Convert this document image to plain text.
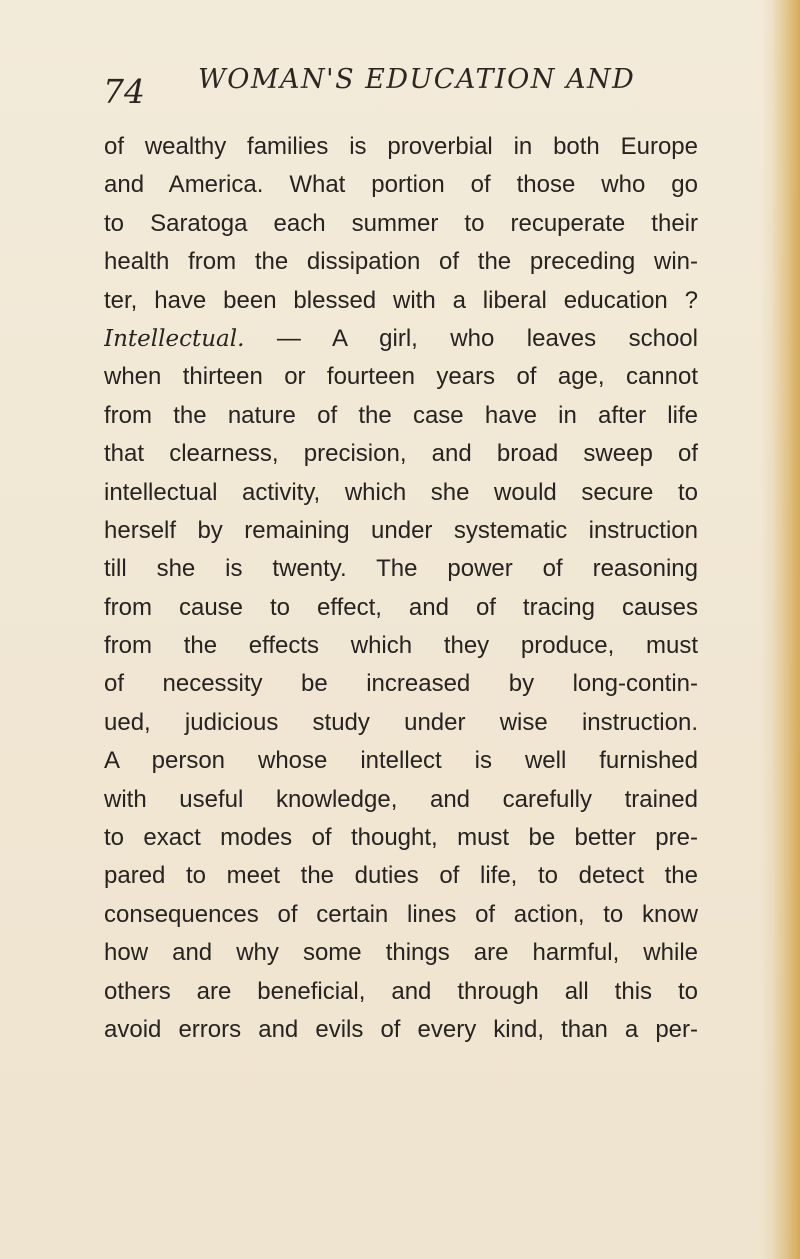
74 WOMAN'S EDUCATION AND
of wealthy families is proverbial in both Europe
and America. What portion of those who go
to Saratoga each summer to recuperate their
health from the dissipation of the preceding win-
ter, have been blessed with a liberal education ?
Intellectual. — A girl, who leaves school
when thirteen or fourteen years of age, cannot
from the nature of the case have in after life
that clearness, precision, and broad sweep of
intellectual activity, which she would secure to
herself by remaining under systematic instruction
till she is twenty. The power of reasoning
from cause to effect, and of tracing causes
from the effects which they produce, must
of necessity be increased by long-contin-
ued, judicious study under wise instruction.
A person whose intellect is well furnished
with useful knowledge, and carefully trained
to exact modes of thought, must be better pre-
pared to meet the duties of life, to detect the
consequences of certain lines of action, to know
how and why some things are harmful, while
others are beneficial, and through all this to
avoid errors and evils of every kind, than a per-
